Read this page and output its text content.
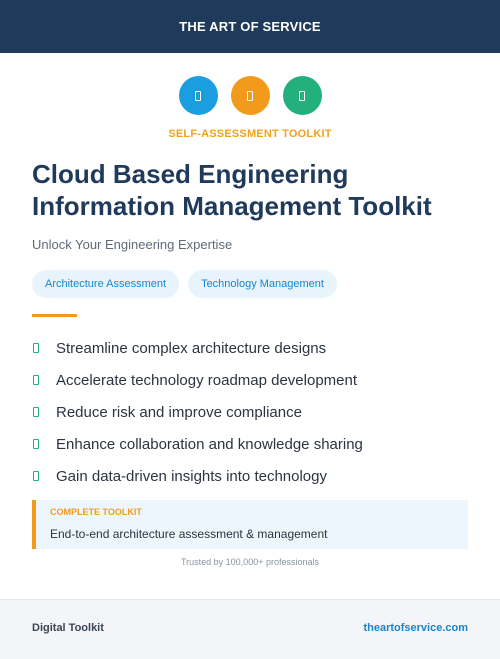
THE ART OF SERVICE
SELF-ASSESSMENT TOOLKIT
Cloud Based Engineering Information Management Toolkit
Unlock Your Engineering Expertise
Architecture Assessment	Technology Management
Streamline complex architecture designs
Accelerate technology roadmap development
Reduce risk and improve compliance
Enhance collaboration and knowledge sharing
Gain data-driven insights into technology
COMPLETE TOOLKIT
End-to-end architecture assessment & management
Trusted by 100,000+ professionals
Digital Toolkit	theartofservice.com
